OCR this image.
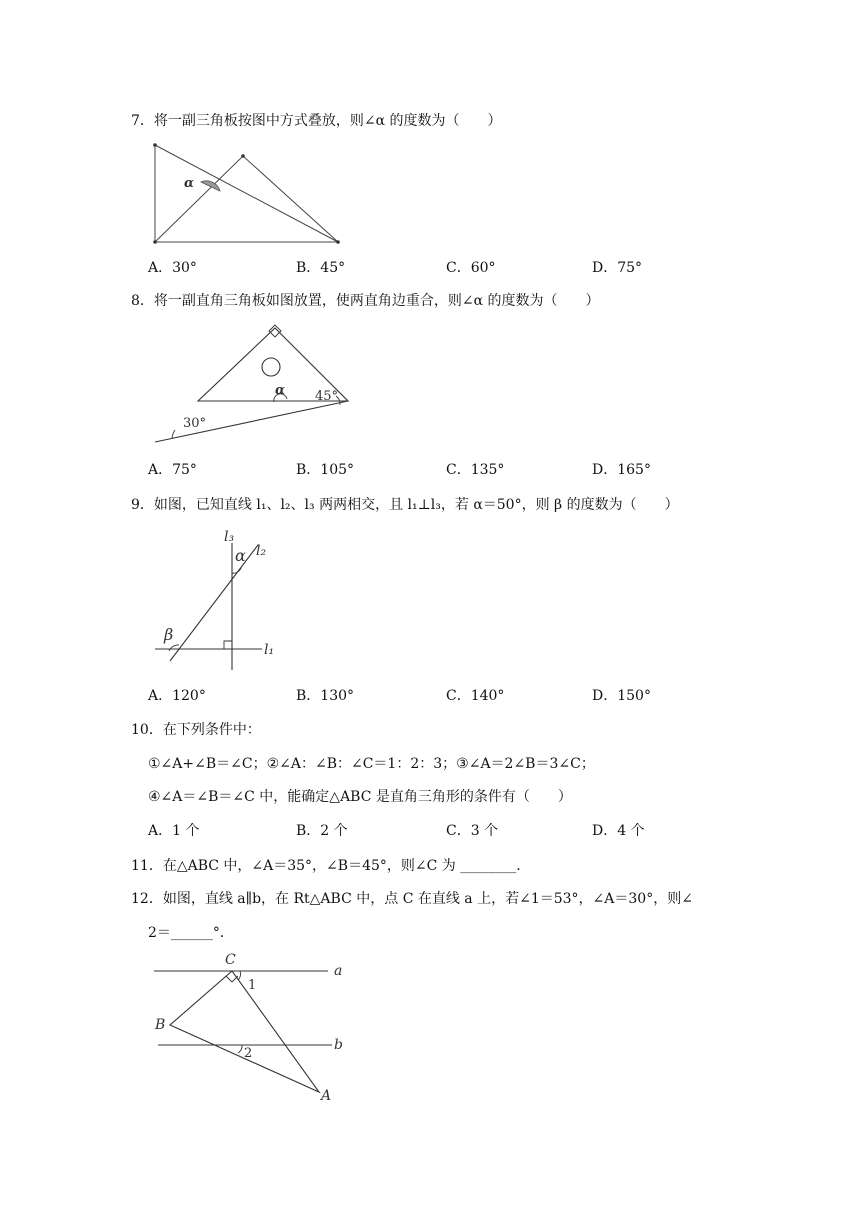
7．将一副三角板按图中方式叠放，则∠α 的度数为（　　）
α
A．30°	B．45°	C．60°	D．75°
8．将一副直角三角板如图放置，使两直角边重合，则∠α 的度数为（　　）
α 45°
30°
A．75°	B．105°	C．135°	D．165°
9．如图，已知直线 l₁、l₂、l₃ 两两相交，且 l₁⊥l₃，若 α＝50°，则 β 的度数为（　　）
l₃
l₂
l₁
α
β
A．120°	B．130°	C．140°	D．150°
10．在下列条件中：
①∠A+∠B＝∠C；②∠A：∠B：∠C＝1：2：3；③∠A＝2∠B＝3∠C；
④∠A＝∠B＝∠C 中，能确定△ABC 是直角三角形的条件有（　　）
A．1 个	B．2 个	C．3 个	D．4 个
11．在△ABC 中，∠A＝35°，∠B＝45°，则∠C 为 ________.
12．如图，直线 a∥b，在 Rt△ABC 中，点 C 在直线 a 上，若∠1＝53°，∠A＝30°，则∠
2＝______°．
C
B
A
a
b
1
2
